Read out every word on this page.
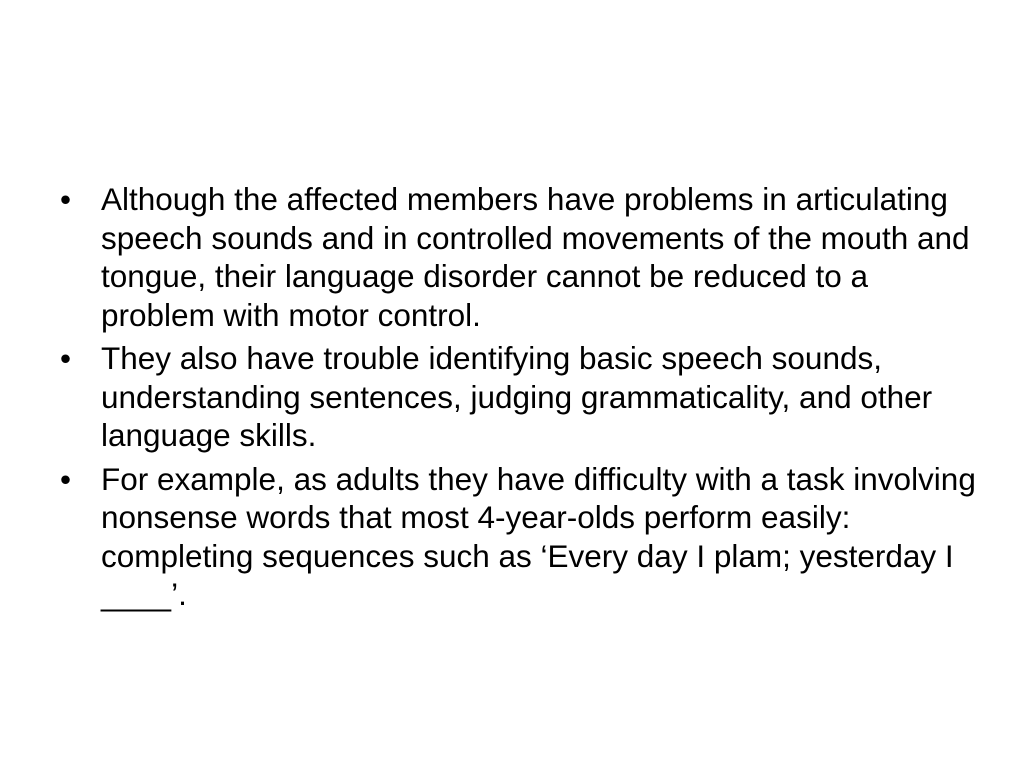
• Although the affected members have problems in articulating speech sounds and in controlled movements of the mouth and tongue, their language disorder cannot be reduced to a problem with motor control.
• They also have trouble identifying basic speech sounds, understanding sentences, judging grammaticality, and other language skills.
• For example, as adults they have difficulty with a task involving nonsense words that most 4-year-olds perform easily: completing sequences such as ‘Every day I plam; yesterday I ____’.
